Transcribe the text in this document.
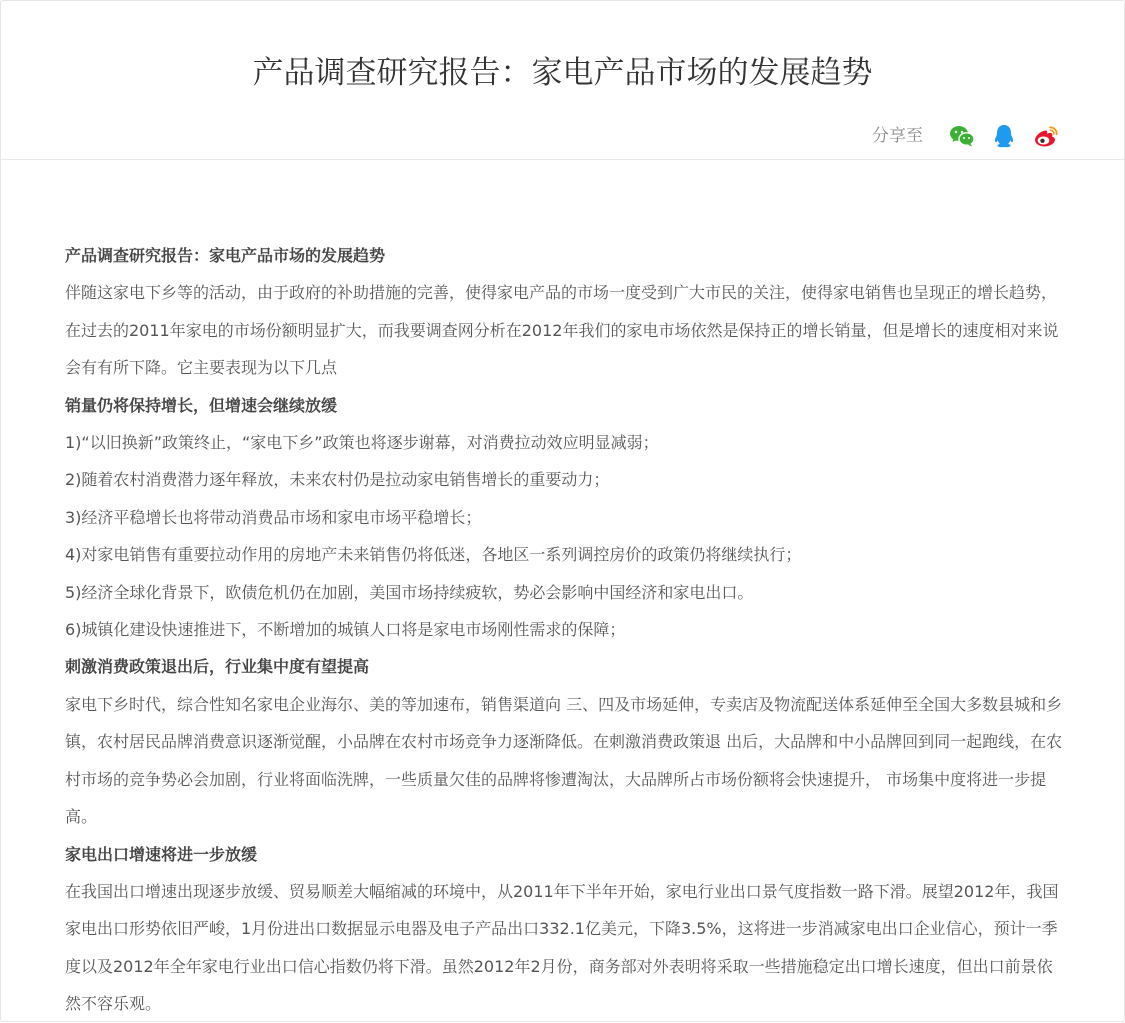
产品调查研究报告：家电产品市场的发展趋势
分享至

产品调查研究报告：家电产品市场的发展趋势

伴随这家电下乡等的活动，由于政府的补助措施的完善，使得家电产品的市场一度受到广大市民的关注，使得家电销售也呈现正的增长趋势，在过去的2011年家电的市场份额明显扩大，而我要调查网分析在2012年我们的家电市场依然是保持正的增长销量，但是增长的速度相对来说会有有所下降。它主要表现为以下几点

销量仍将保持增长，但增速会继续放缓

1)“以旧换新”政策终止，“家电下乡”政策也将逐步谢幕，对消费拉动效应明显减弱；

2)随着农村消费潜力逐年释放，未来农村仍是拉动家电销售增长的重要动力；

3)经济平稳增长也将带动消费品市场和家电市场平稳增长；

4)对家电销售有重要拉动作用的房地产未来销售仍将低迷，各地区一系列调控房价的政策仍将继续执行；

5)经济全球化背景下，欧债危机仍在加剧，美国市场持续疲软，势必会影响中国经济和家电出口。

6)城镇化建设快速推进下，不断增加的城镇人口将是家电市场刚性需求的保障；

刺激消费政策退出后，行业集中度有望提高

家电下乡时代，综合性知名家电企业海尔、美的等加速布，销售渠道向 三、四及市场延伸，专卖店及物流配送体系延伸至全国大多数县城和乡镇，农村居民品牌消费意识逐渐觉醒，小品牌在农村市场竞争力逐渐降低。在刺激消费政策退 出后，大品牌和中小品牌回到同一起跑线，在农村市场的竞争势必会加剧，行业将面临洗牌，一些质量欠佳的品牌将惨遭淘汰，大品牌所占市场份额将会快速提升， 市场集中度将进一步提高。

家电出口增速将进一步放缓

在我国出口增速出现逐步放缓、贸易顺差大幅缩减的环境中，从2011年下半年开始，家电行业出口景气度指数一路下滑。展望2012年，我国家电出口形势依旧严峻，1月份进出口数据显示电器及电子产品出口332.1亿美元，下降3.5%，这将进一步消减家电出口企业信心，预计一季度以及2012年全年家电行业出口信心指数仍将下滑。虽然2012年2月份，商务部对外表明将采取一些措施稳定出口增长速度，但出口前景依然不容乐观。
